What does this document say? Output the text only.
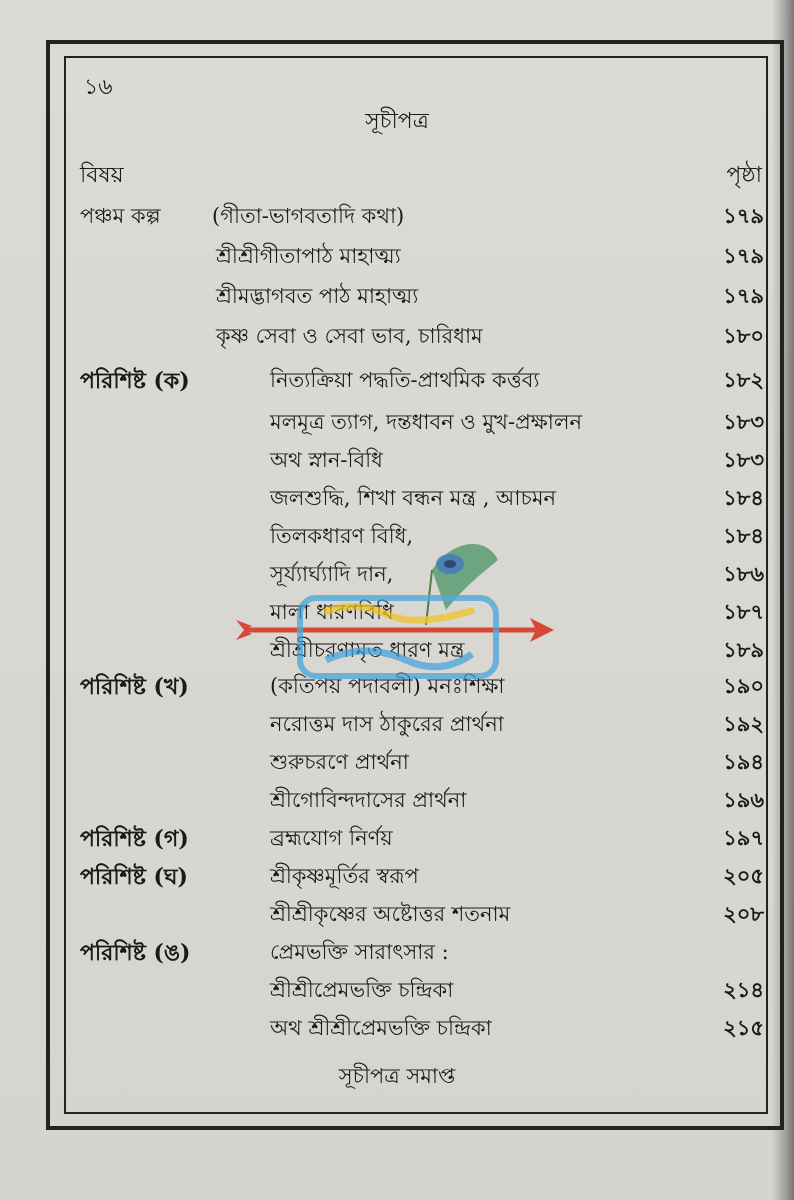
১৬
সূচীপত্র
বিষয়	পৃষ্ঠা
পঞ্চম কল্প (গীতা-ভাগবতাদি কথা)	১৭৯
শ্রীশ্রীগীতাপাঠ মাহাত্ম্য	১৭৯
শ্রীমদ্ভাগবত পাঠ মাহাত্ম্য	১৭৯
কৃষ্ণ সেবা ও সেবা ভাব, চারিধাম	১৮০
পরিশিষ্ট (ক)	নিত্যক্রিয়া পদ্ধতি-প্রাথমিক কর্ত্তব্য	১৮২
মলমূত্র ত্যাগ, দন্তধাবন ও মুখ-প্রক্ষালন	১৮৩
অথ স্নান-বিধি	১৮৩
জলশুদ্ধি, শিখা বন্ধন মন্ত্র , আচমন	১৮৪
তিলকধারণ বিধি,	১৮৪
সূর্য্যার্ঘ্যাদি দান,	১৮৬
মালা ধারণবিধি	১৮৭
শ্রীশ্রীচরণামৃত ধারণ মন্ত্র	১৮৯
পরিশিষ্ট (খ)	(কতিপয় পদাবলী) মনঃশিক্ষা	১৯০
নরোত্তম দাস ঠাকুরের প্রার্থনা	১৯২
শুরুচরণে প্রার্থনা	১৯৪
শ্রীগোবিন্দদাসের প্রার্থনা	১৯৬
পরিশিষ্ট (গ)	ব্রহ্মযোগ নির্ণয়	১৯৭
পরিশিষ্ট (ঘ)	শ্রীকৃষ্ণমূর্তির স্বরূপ	২০৫
শ্রীশ্রীকৃষ্ণের অষ্টোত্তর শতনাম	২০৮
পরিশিষ্ট (ঙ)	প্রেমভক্তি সারাৎসার :
শ্রীশ্রীপ্রেমভক্তি চন্দ্রিকা	২১৪
অথ শ্রীশ্রীপ্রেমভক্তি চন্দ্রিকা	২১৫
সূচীপত্র সমাপ্ত
